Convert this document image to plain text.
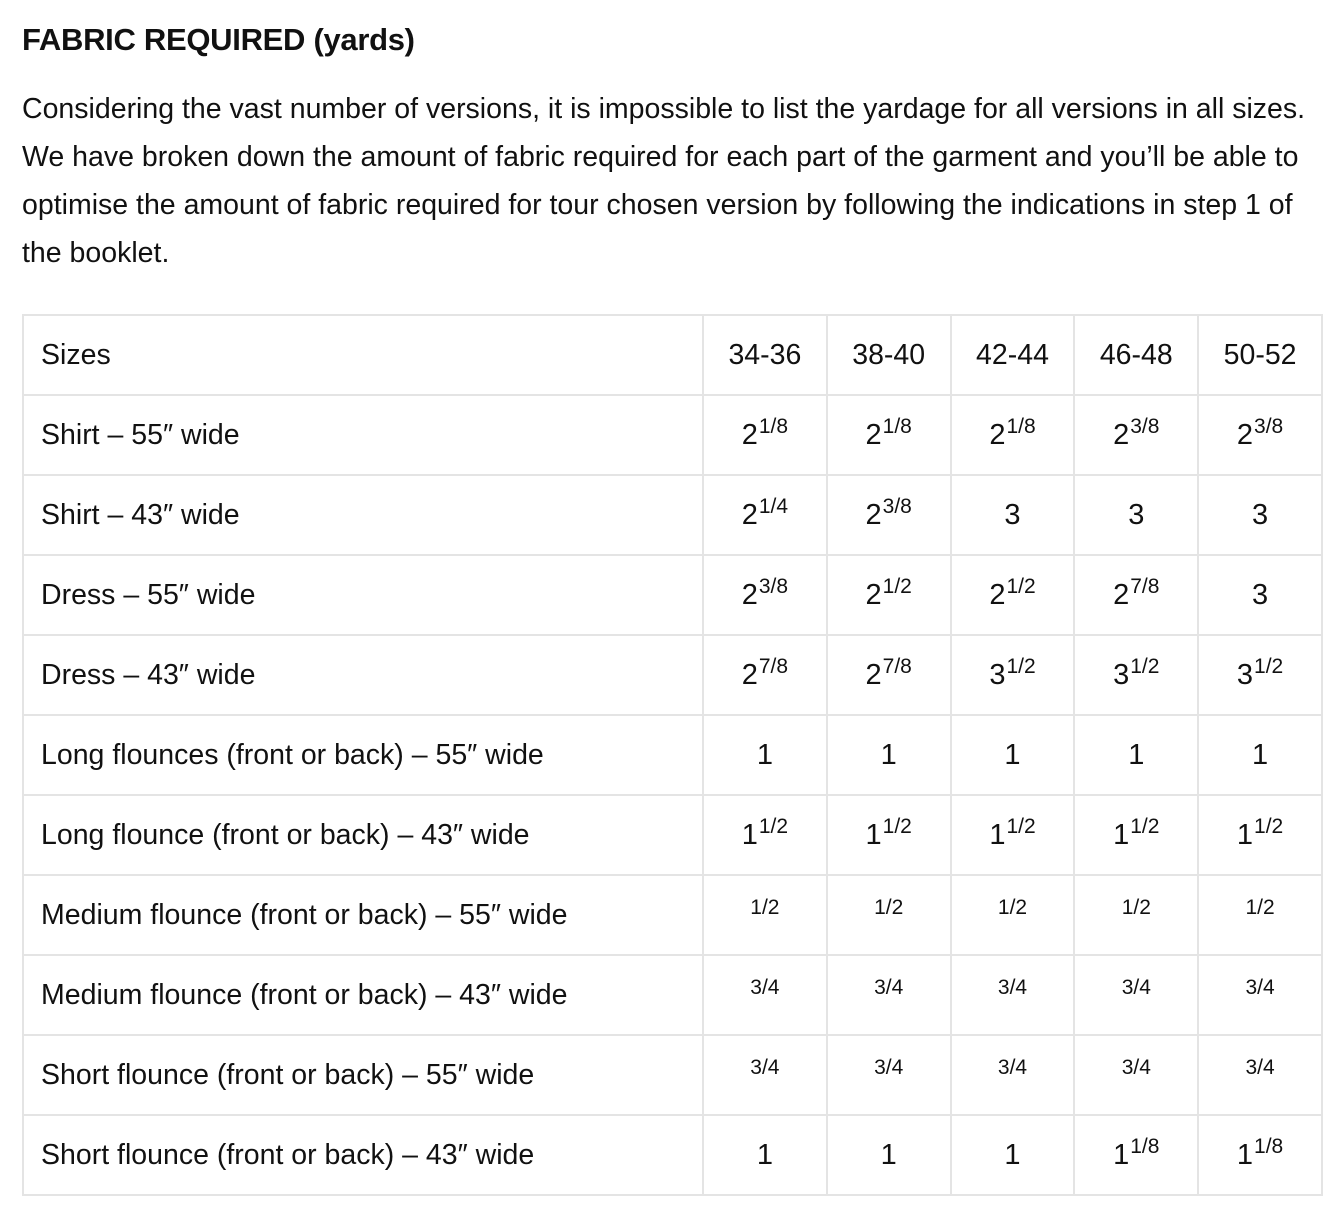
FABRIC REQUIRED (yards)

Considering the vast number of versions, it is impossible to list the yardage for all versions in all sizes. We have broken down the amount of fabric required for each part of the garment and you’ll be able to optimise the amount of fabric required for tour chosen version by following the indications in step 1 of the booklet.

Sizes	34-36	38-40	42-44	46-48	50-52
Shirt – 55″ wide	$2^{1/8}$	$2^{1/8}$	$2^{1/8}$	$2^{3/8}$	$2^{3/8}$
Shirt – 43″ wide	$2^{1/4}$	$2^{3/8}$	3	3	3
Dress – 55″ wide	$2^{3/8}$	$2^{1/2}$	$2^{1/2}$	$2^{7/8}$	3
Dress – 43″ wide	$2^{7/8}$	$2^{7/8}$	$3^{1/2}$	$3^{1/2}$	$3^{1/2}$
Long flounces (front or back) – 55″ wide	1	1	1	1	1
Long flounce (front or back) – 43″ wide	$1^{1/2}$	$1^{1/2}$	$1^{1/2}$	$1^{1/2}$	$1^{1/2}$
Medium flounce (front or back) – 55″ wide	$^{1/2}$	$^{1/2}$	$^{1/2}$	$^{1/2}$	$^{1/2}$
Medium flounce (front or back) – 43″ wide	$^{3/4}$	$^{3/4}$	$^{3/4}$	$^{3/4}$	$^{3/4}$
Short flounce (front or back) – 55″ wide	$^{3/4}$	$^{3/4}$	$^{3/4}$	$^{3/4}$	$^{3/4}$
Short flounce (front or back) – 43″ wide	1	1	1	$1^{1/8}$	$1^{1/8}$
